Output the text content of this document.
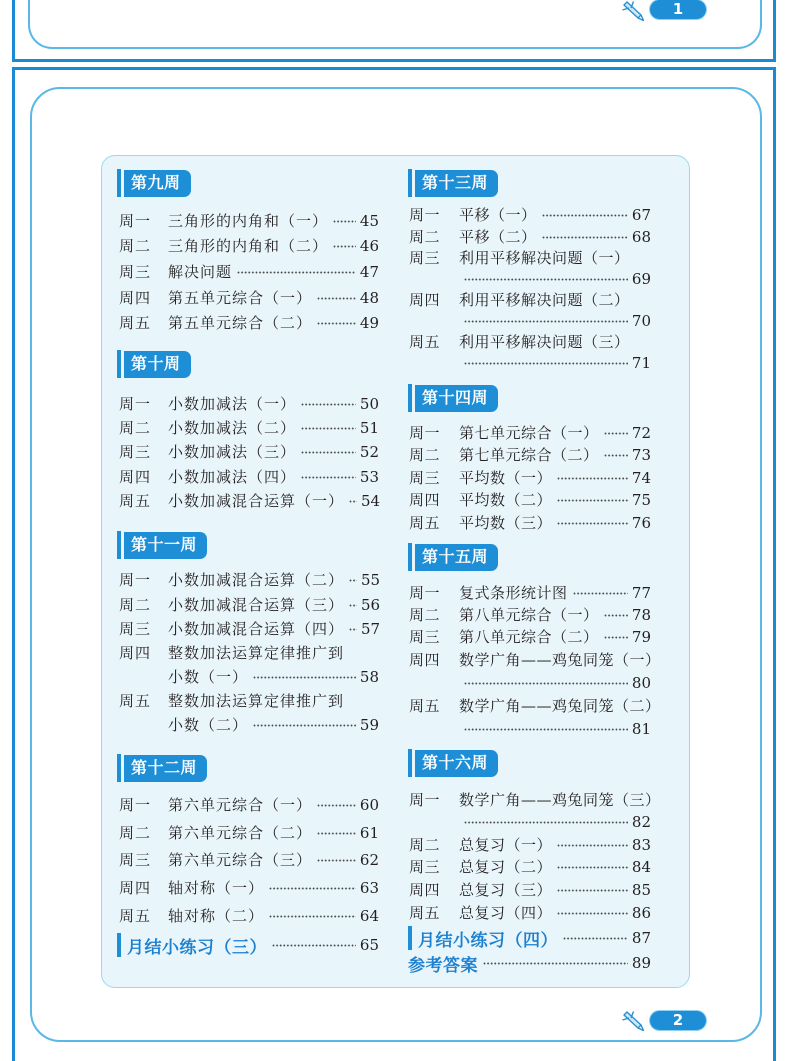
1
第九周
周一	三角形的内角和（一） 45
周二	三角形的内角和（二） 46
周三	解决问题	47
周四	第五单元综合（一）	48
周五	第五单元综合（二）	49
第十周
周一	小数加减法（一）	50
周二	小数加减法（二）	51
周三	小数加减法（三）	52
周四	小数加减法（四）	53
周五	小数加减混合运算（一） 54
第十一周
周一	小数加减混合运算（二） 55
周二	小数加减混合运算（三） 56
周三	小数加减混合运算（四） 57
周四	整数加法运算定律推广到
小数（一）	58
周五	整数加法运算定律推广到
小数（二）	59
第十二周
周一	第六单元综合（一）	60
周二	第六单元综合（二）	61
周三	第六单元综合（三）	62
周四	轴对称（一）	63
周五	轴对称（二）	64
月结小练习（三）	65
第十三周
周一	平移（一）	67
周二	平移（二）	68
周三	利用平移解决问题（一）
69
周四	利用平移解决问题（二）
70
周五	利用平移解决问题（三）
71
第十四周
周一	第七单元综合（一） 72
周二	第七单元综合（二） 73
周三	平均数（一）	74
周四	平均数（二）	75
周五	平均数（三）	76
第十五周
周一	复式条形统计图	77
周二	第八单元综合（一） 78
周三	第八单元综合（二） 79
周四	数学广角——鸡兔同笼（一）
80
周五	数学广角——鸡兔同笼（二）
81
第十六周
周一	数学广角——鸡兔同笼（三）
82
周二	总复习（一）	83
周三	总复习（二）	84
周四	总复习（三）	85
周五	总复习（四）	86
月结小练习（四）	87
参考答案	89
2
